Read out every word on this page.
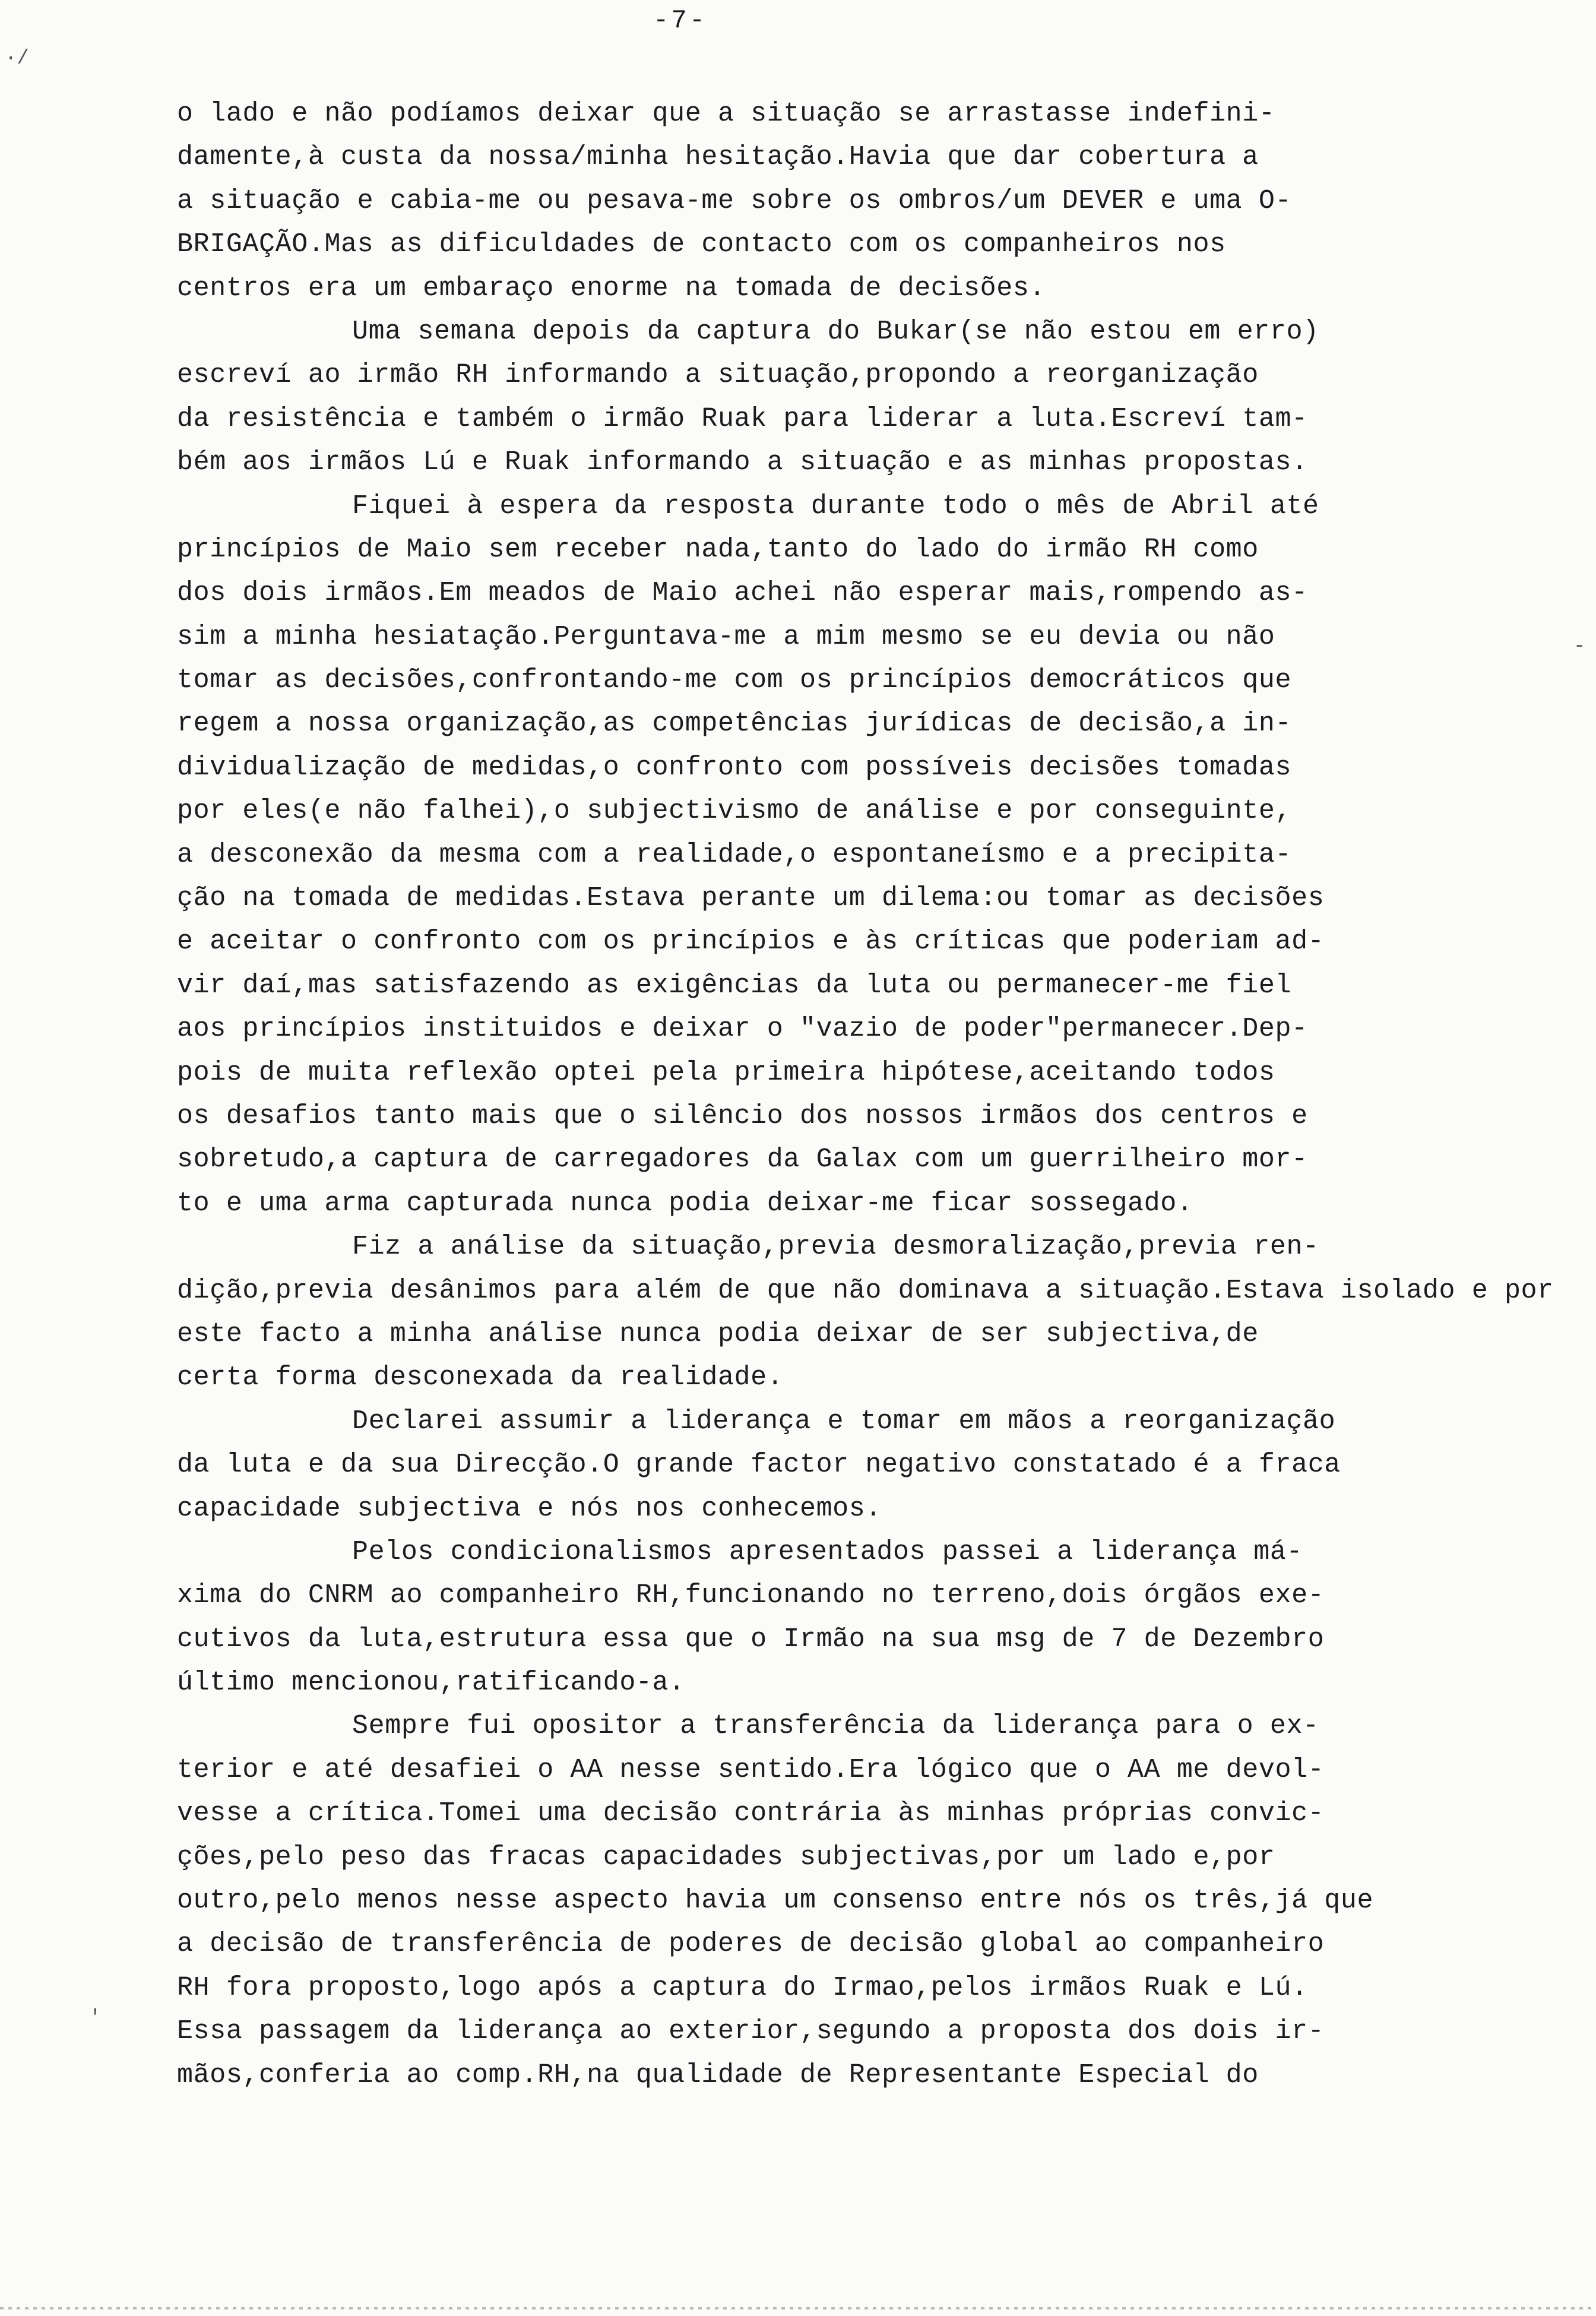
-7-
·/
-
'
o lado e não podíamos deixar que a situação se arrastasse indefini-
damente,à custa da nossa/minha hesitação.Havia que dar cobertura a
a situação e cabia-me ou pesava-me sobre os ombros/um DEVER e uma O-
BRIGAÇÃO.Mas as dificuldades de contacto com os companheiros nos
centros era um embaraço enorme na tomada de decisões.
Uma semana depois da captura do Bukar(se não estou em erro)
escreví ao irmão RH informando a situação,propondo a reorganização
da resistência e também o irmão Ruak para liderar a luta.Escreví tam-
bém aos irmãos Lú e Ruak informando a situação e as minhas propostas.
Fiquei à espera da resposta durante todo o mês de Abril até
princípios de Maio sem receber nada,tanto do lado do irmão RH como
dos dois irmãos.Em meados de Maio achei não esperar mais,rompendo as-
sim a minha hesiatação.Perguntava-me a mim mesmo se eu devia ou não
tomar as decisões,confrontando-me com os princípios democráticos que
regem a nossa organização,as competências jurídicas de decisão,a in-
dividualização de medidas,o confronto com possíveis decisões tomadas
por eles(e não falhei),o subjectivismo de análise e por conseguinte,
a desconexão da mesma com a realidade,o espontaneísmo e a precipita-
ção na tomada de medidas.Estava perante um dilema:ou tomar as decisões
e aceitar o confronto com os princípios e às críticas que poderiam ad-
vir daí,mas satisfazendo as exigências da luta ou permanecer-me fiel
aos princípios instituidos e deixar o "vazio de poder"permanecer.Dep-
pois de muita reflexão optei pela primeira hipótese,aceitando todos
os desafios tanto mais que o silêncio dos nossos irmãos dos centros e
sobretudo,a captura de carregadores da Galax com um guerrilheiro mor-
to e uma arma capturada nunca podia deixar-me ficar sossegado.
Fiz a análise da situação,previa desmoralização,previa ren-
dição,previa desânimos para além de que não dominava a situação.Estava isolado e por
este facto a minha análise nunca podia deixar de ser subjectiva,de
certa forma desconexada da realidade.
Declarei assumir a liderança e tomar em mãos a reorganização
da luta e da sua Direcção.O grande factor negativo constatado é a fraca
capacidade subjectiva e nós nos conhecemos.
Pelos condicionalismos apresentados passei a liderança má-
xima do CNRM ao companheiro RH,funcionando no terreno,dois órgãos exe-
cutivos da luta,estrutura essa que o Irmão na sua msg de 7 de Dezembro
último mencionou,ratificando-a.
Sempre fui opositor a transferência da liderança para o ex-
terior e até desafiei o AA nesse sentido.Era lógico que o AA me devol-
vesse a crítica.Tomei uma decisão contrária às minhas próprias convic-
ções,pelo peso das fracas capacidades subjectivas,por um lado e,por
outro,pelo menos nesse aspecto havia um consenso entre nós os três,já que
a decisão de transferência de poderes de decisão global ao companheiro
RH fora proposto,logo após a captura do Irmao,pelos irmãos Ruak e Lú.
Essa passagem da liderança ao exterior,segundo a proposta dos dois ir-
mãos,conferia ao comp.RH,na qualidade de Representante Especial do
